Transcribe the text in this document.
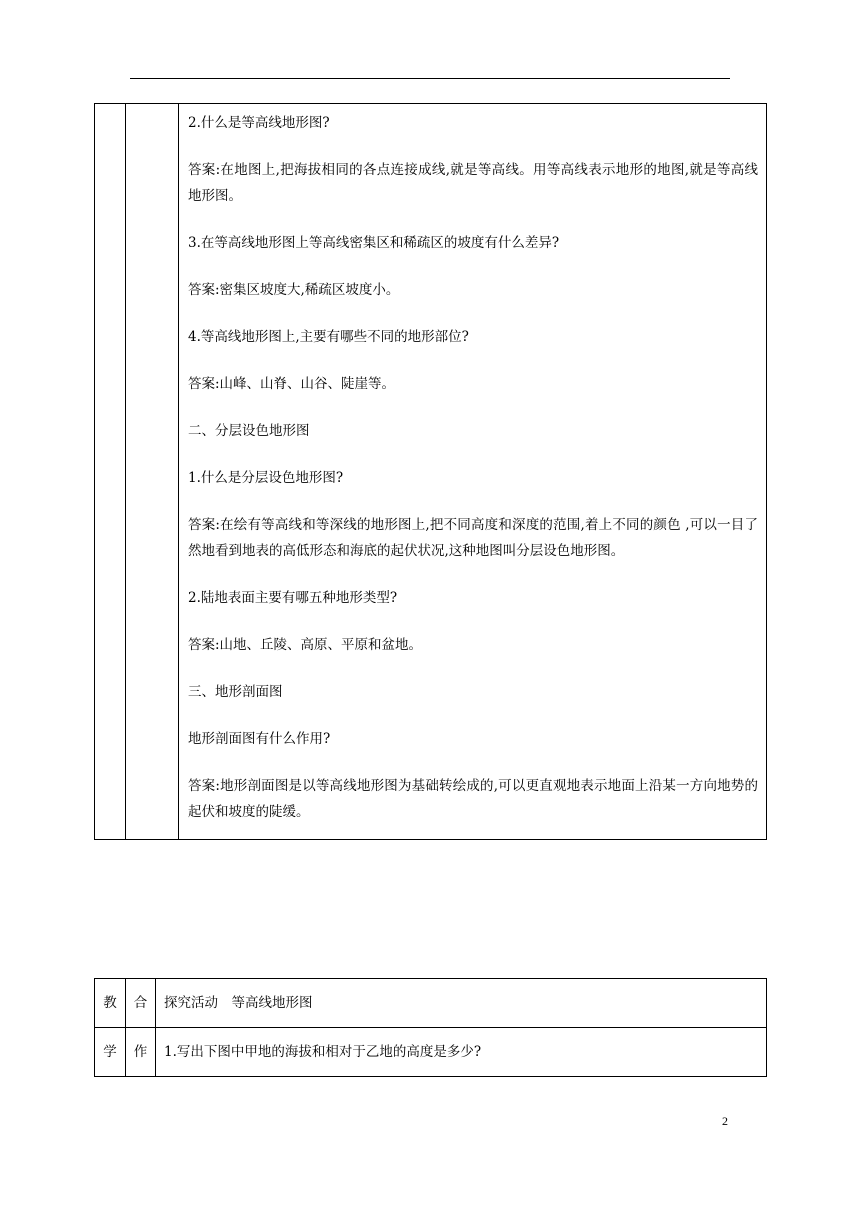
2.什么是等高线地形图?

答案:在地图上,把海拔相同的各点连接成线,就是等高线。用等高线表示地形的地图,就是等高线地形图。

3.在等高线地形图上等高线密集区和稀疏区的坡度有什么差异?

答案:密集区坡度大,稀疏区坡度小。

4.等高线地形图上,主要有哪些不同的地形部位?

答案:山峰、山脊、山谷、陡崖等。

二、分层设色地形图

1.什么是分层设色地形图?

答案:在绘有等高线和等深线的地形图上,把不同高度和深度的范围,着上不同的颜色 ,可以一目了然地看到地表的高低形态和海底的起伏状况,这种地图叫分层设色地形图。

2.陆地表面主要有哪五种地形类型?

答案:山地、丘陵、高原、平原和盆地。

三、地形剖面图

地形剖面图有什么作用?

答案:地形剖面图是以等高线地形图为基础转绘成的,可以更直观地表示地面上沿某一方向地势的起伏和坡度的陡缓。

教	合	探究活动　等高线地形图
学	作	1.写出下图中甲地的海拔和相对于乙地的高度是多少?
2
